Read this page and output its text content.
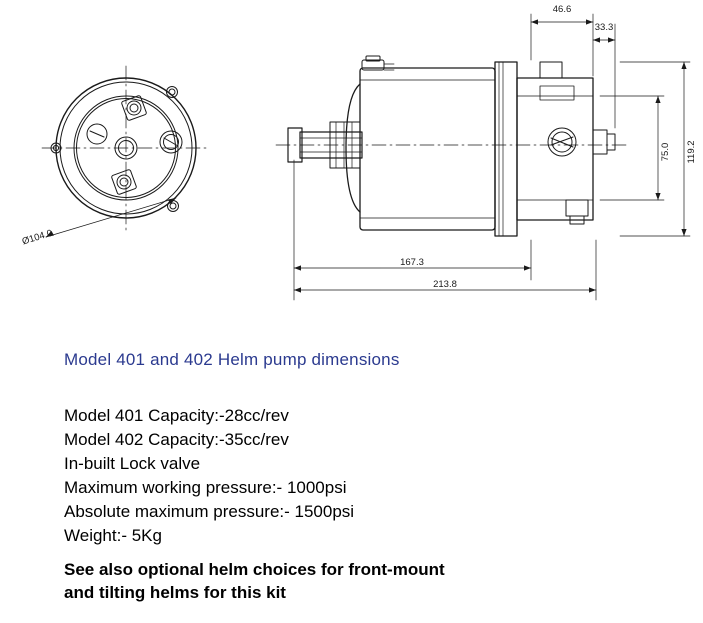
46.6
33.3
75.0 119.2
167.3
213.8
Ø104.0
Model 401 and 402 Helm pump dimensions
Model 401 Capacity:-28cc/rev
Model 402 Capacity:-35cc/rev
In-built Lock valve
Maximum working pressure:- 1000psi
Absolute maximum pressure:- 1500psi
Weight:- 5Kg
See also optional helm choices for front-mount
and tilting helms for this kit
